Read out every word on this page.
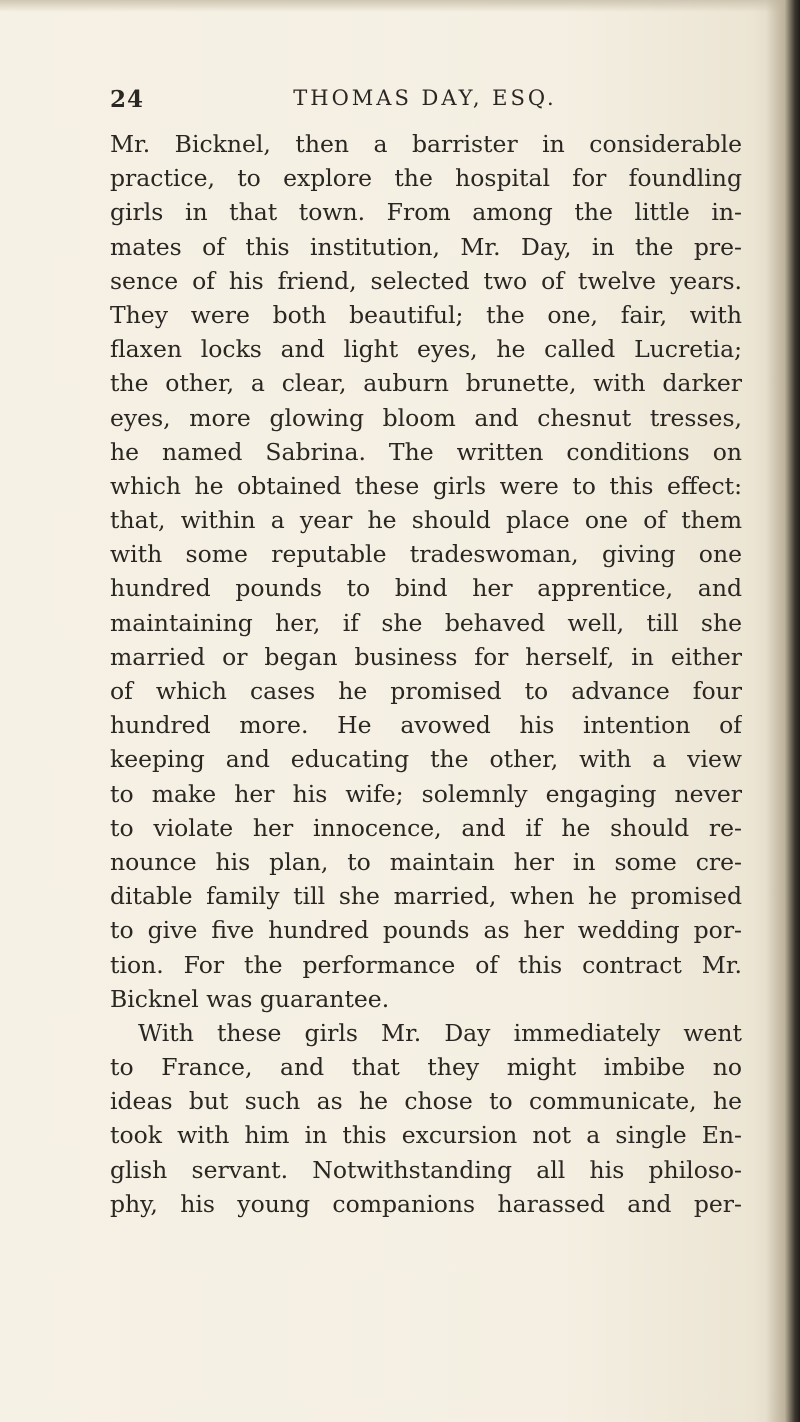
24	THOMAS DAY, ESQ.
Mr. Bicknel, then a barrister in considerable
practice, to explore the hospital for foundling
girls in that town. From among the little in-
mates of this institution, Mr. Day, in the pre-
sence of his friend, selected two of twelve years.
They were both beautiful; the one, fair, with
flaxen locks and light eyes, he called Lucretia;
the other, a clear, auburn brunette, with darker
eyes, more glowing bloom and chesnut tresses,
he named Sabrina. The written conditions on
which he obtained these girls were to this effect:
that, within a year he should place one of them
with some reputable tradeswoman, giving one
hundred pounds to bind her apprentice, and
maintaining her, if she behaved well, till she
married or began business for herself, in either
of which cases he promised to advance four
hundred more. He avowed his intention of
keeping and educating the other, with a view
to make her his wife; solemnly engaging never
to violate her innocence, and if he should re-
nounce his plan, to maintain her in some cre-
ditable family till she married, when he promised
to give five hundred pounds as her wedding por-
tion. For the performance of this contract Mr.
Bicknel was guarantee.
With these girls Mr. Day immediately went
to France, and that they might imbibe no
ideas but such as he chose to communicate, he
took with him in this excursion not a single En-
glish servant. Notwithstanding all his philoso-
phy, his young companions harassed and per-
